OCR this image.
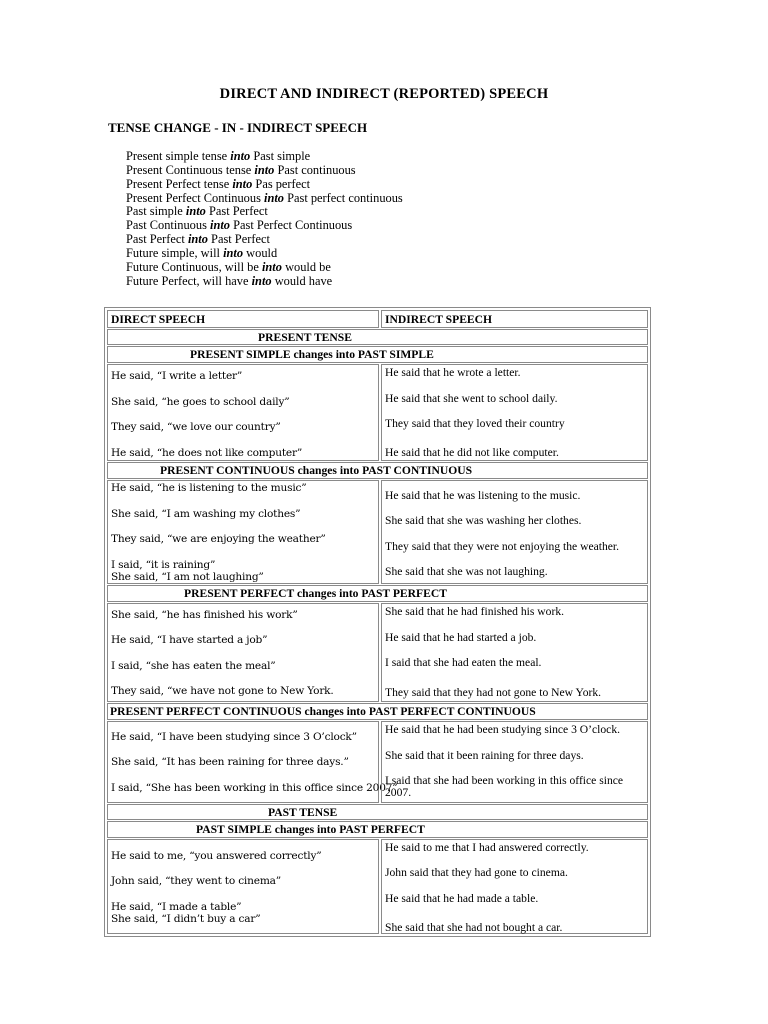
DIRECT AND INDIRECT (REPORTED) SPEECH
TENSE CHANGE - IN - INDIRECT SPEECH
Present simple tense into Past simple
Present Continuous tense into Past continuous
Present Perfect tense into Pas perfect
Present Perfect Continuous into Past perfect continuous
Past simple into Past Perfect
Past Continuous into Past Perfect Continuous
Past Perfect into Past Perfect
Future simple, will into would
Future Continuous, will be into would be
Future Perfect, will have into would have
DIRECT SPEECH	INDIRECT SPEECH
PRESENT TENSE
PRESENT SIMPLE changes into PAST SIMPLE
He said, “I write a letter”
She said, “he goes to school daily”
They said, “we love our country”
He said, “he does not like computer”
He said that he wrote a letter.
He said that she went to school daily.
They said that they loved their country
He said that he did not like computer.
PRESENT CONTINUOUS changes into PAST CONTINUOUS
He said, “he is listening to the music”
She said, “I am washing my clothes”
They said, “we are enjoying the weather”
I said, “it is raining”
She said, “I am not laughing”
He said that he was listening to the music.
She said that she was washing her clothes.
They said that they were not enjoying the weather.
She said that she was not laughing.
PRESENT PERFECT changes into PAST PERFECT
She said, “he has finished his work”
He said, “I have started a job”
I said, “she has eaten the meal”
They said, “we have not gone to New York.
She said that he had finished his work.
He said that he had started a job.
I said that she had eaten the meal.
They said that they had not gone to New York.
PRESENT PERFECT CONTINUOUS changes into PAST PERFECT CONTINUOUS
He said, “I have been studying since 3 O’clock”
She said, “It has been raining for three days.”
I said, “She has been working in this office since 2007”
He said that he had been studying since 3 O’clock.
She said that it been raining for three days.
I said that she had been working in this office since
2007.
PAST TENSE
PAST SIMPLE changes into PAST PERFECT
He said to me, “you answered correctly”
John said, “they went to cinema”
He said, “I made a table”
She said, “I didn’t buy a car”
He said to me that I had answered correctly.
John said that they had gone to cinema.
He said that he had made a table.
She said that she had not bought a car.
